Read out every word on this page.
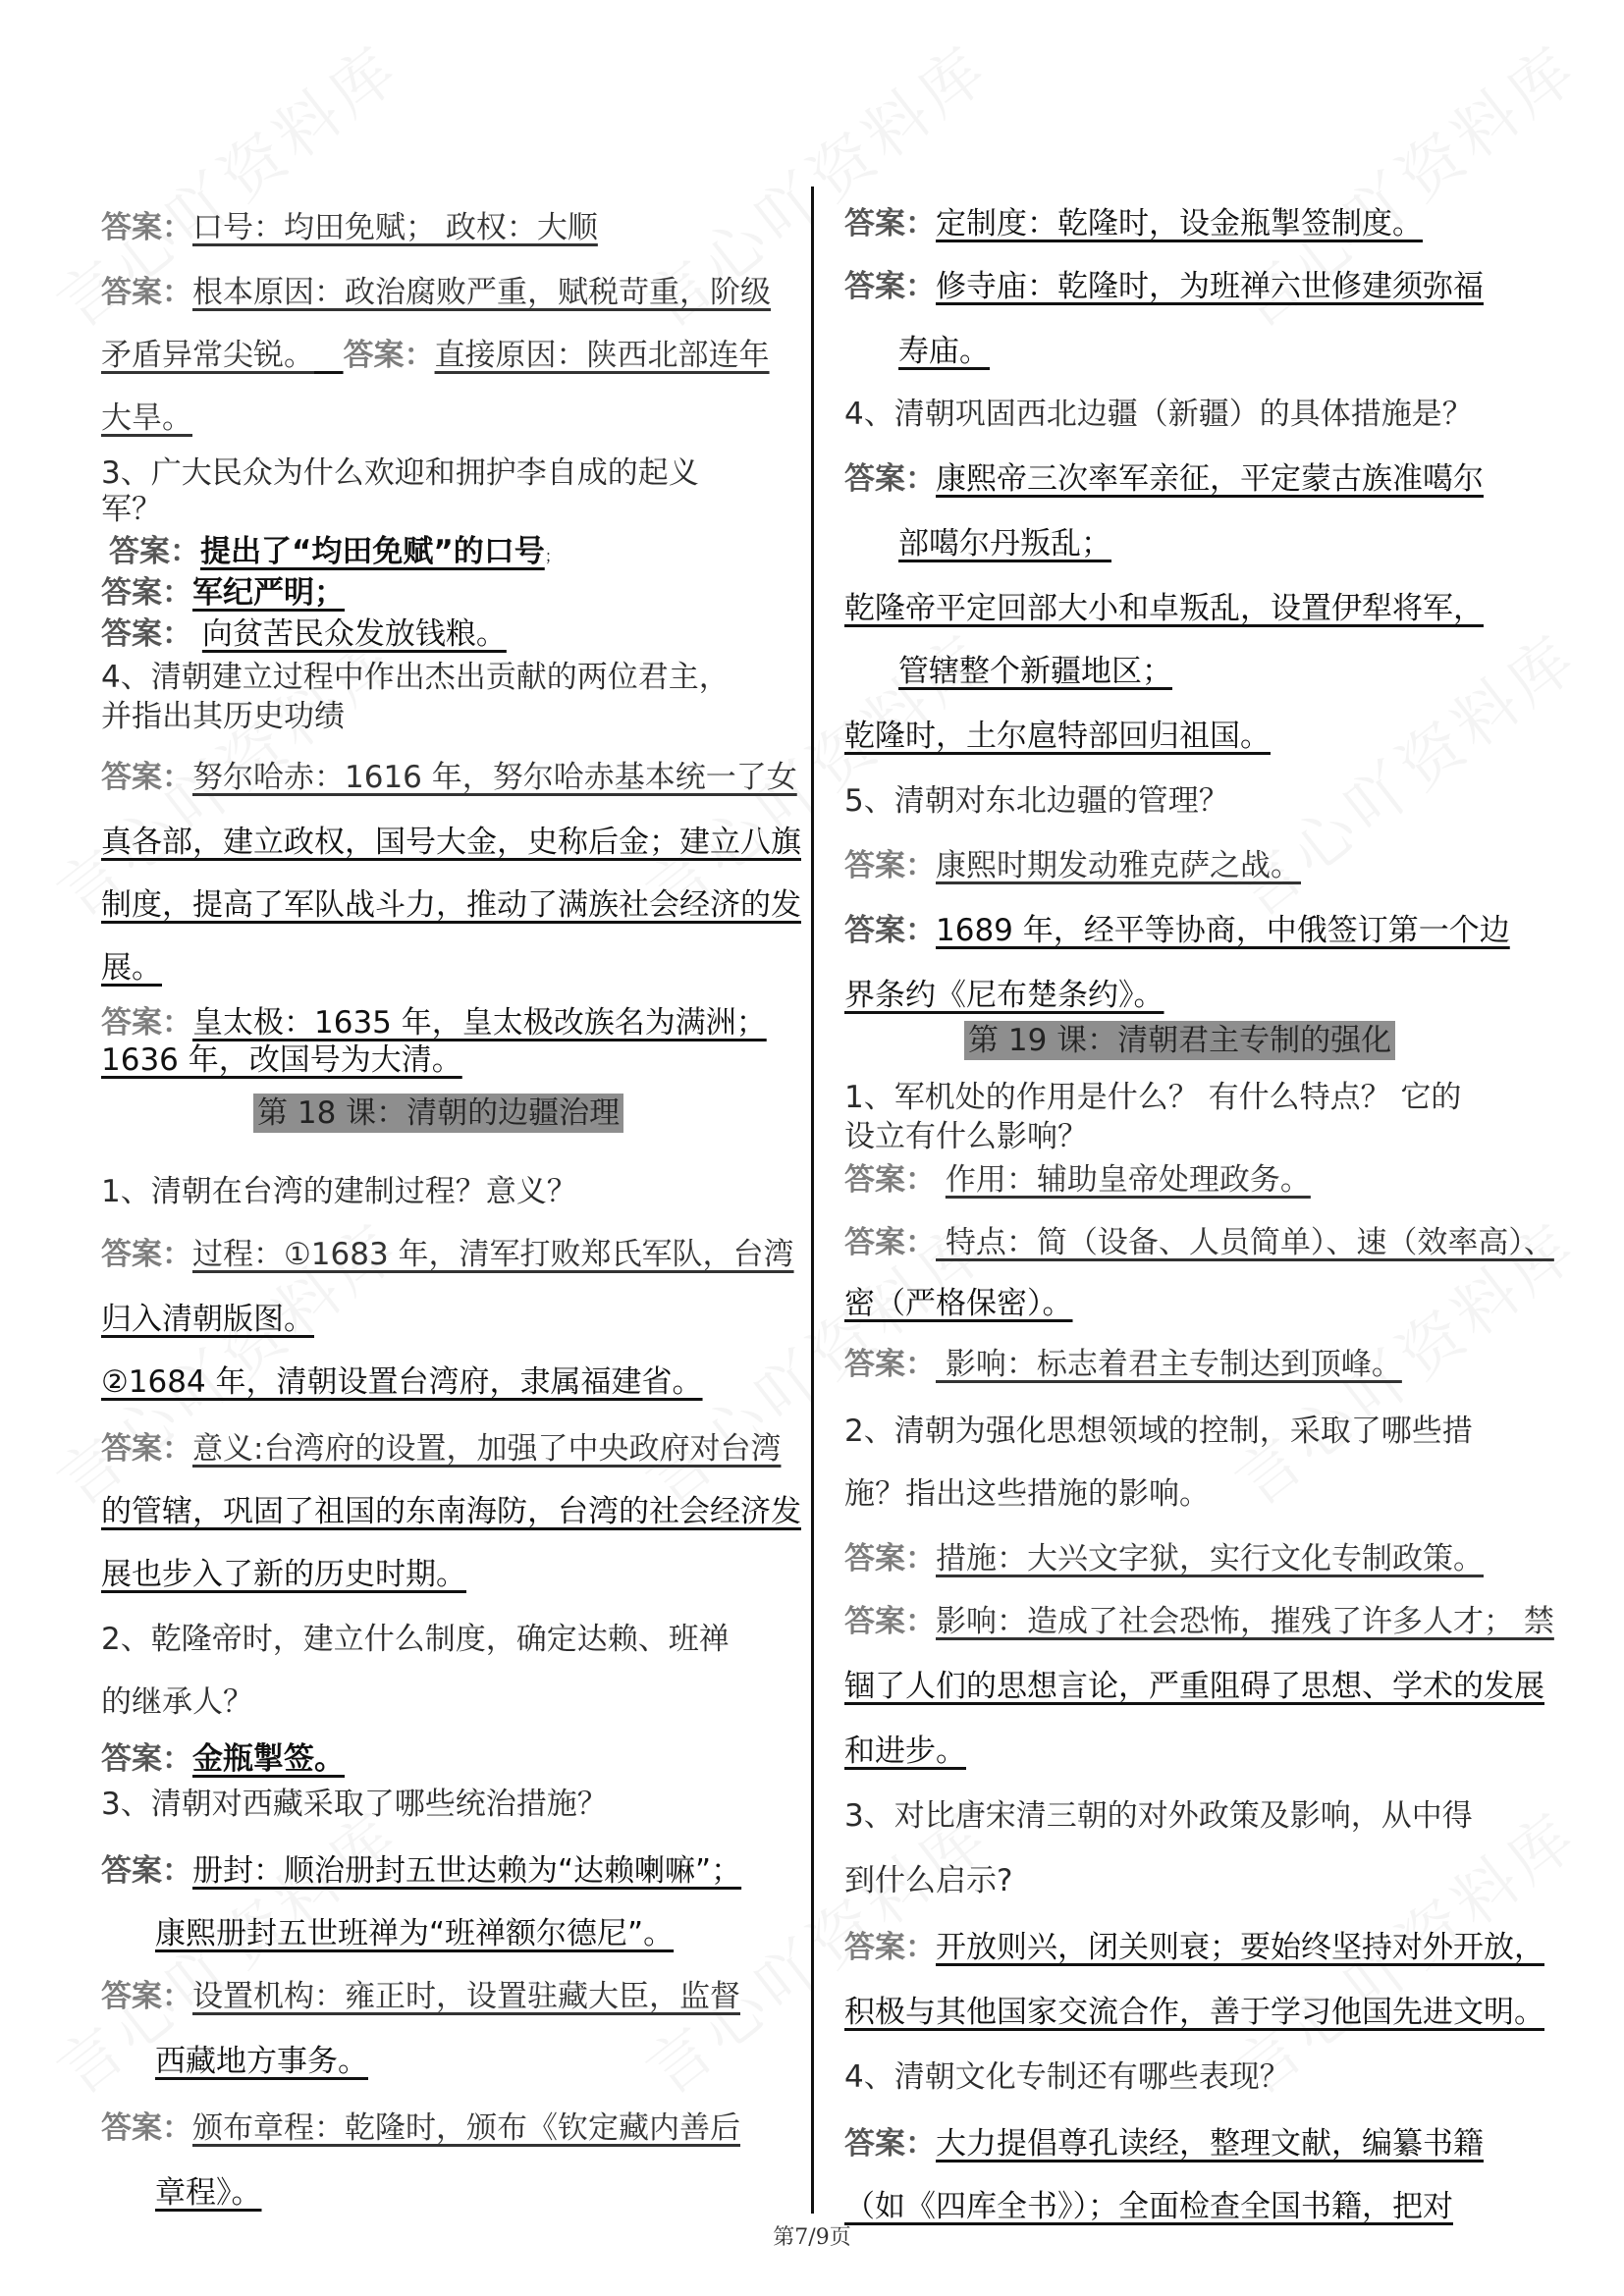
答案：口号：均田免赋； 政权：大顺
答案：根本原因：政治腐败严重，赋税苛重，阶级
矛盾异常尖锐。 答案：直接原因：陕西北部连年
大旱。
3、广大民众为什么欢迎和拥护李自成的起义
军？
答案：提出了“均田免赋”的口号；
答案：军纪严明；
答案： 向贫苦民众发放钱粮。
4、清朝建立过程中作出杰出贡献的两位君主，
并指出其历史功绩
答案：努尔哈赤：1616 年，努尔哈赤基本统一了女
真各部，建立政权，国号大金，史称后金；建立八旗
制度，提高了军队战斗力，推动了满族社会经济的发
展。
答案：皇太极：1635 年，皇太极改族名为满洲；
1636 年，改国号为大清。
1、清朝在台湾的建制过程？意义？
答案：过程：①1683 年，清军打败郑氏军队，台湾
归入清朝版图。
②1684 年，清朝设置台湾府，隶属福建省。
答案：意义:台湾府的设置，加强了中央政府对台湾
的管辖，巩固了祖国的东南海防，台湾的社会经济发
展也步入了新的历史时期。
2、乾隆帝时，建立什么制度，确定达赖、班禅
的继承人？
答案：金瓶掣签。
3、清朝对西藏采取了哪些统治措施？
答案：册封：顺治册封五世达赖为“达赖喇嘛”；
康熙册封五世班禅为“班禅额尔德尼”。
答案：设置机构：雍正时，设置驻藏大臣，监督
西藏地方事务。
答案：颁布章程：乾隆时，颁布《钦定藏内善后
章程》。
第 18 课：清朝的边疆治理
答案：定制度：乾隆时，设金瓶掣签制度。
答案：修寺庙：乾隆时，为班禅六世修建须弥福
寿庙。
4、清朝巩固西北边疆（新疆）的具体措施是？
答案：康熙帝三次率军亲征，平定蒙古族准噶尔
部噶尔丹叛乱；
乾隆帝平定回部大小和卓叛乱，设置伊犁将军，
管辖整个新疆地区；
乾隆时，土尔扈特部回归祖国。
5、清朝对东北边疆的管理？
答案：康熙时期发动雅克萨之战。
答案：1689 年，经平等协商，中俄签订第一个边
界条约《尼布楚条约》。
1、军机处的作用是什么？ 有什么特点？ 它的
设立有什么影响？
答案： 作用：辅助皇帝处理政务。
答案： 特点：简（设备、人员简单）、速（效率高）、
密（严格保密）。
答案： 影响：标志着君主专制达到顶峰。
2、清朝为强化思想领域的控制，采取了哪些措
施？指出这些措施的影响。
答案：措施：大兴文字狱，实行文化专制政策。
答案：影响：造成了社会恐怖，摧残了许多人才； 禁
锢了人们的思想言论，严重阻碍了思想、学术的发展
和进步。
3、对比唐宋清三朝的对外政策及影响，从中得
到什么启示?
答案：开放则兴，闭关则衰；要始终坚持对外开放，
积极与其他国家交流合作，善于学习他国先进文明。
4、清朝文化专制还有哪些表现？
答案：大力提倡尊孔读经，整理文献，编纂书籍
（如《四库全书》）；全面检查全国书籍，把对
第 19 课：清朝君主专制的强化
第7/9页
